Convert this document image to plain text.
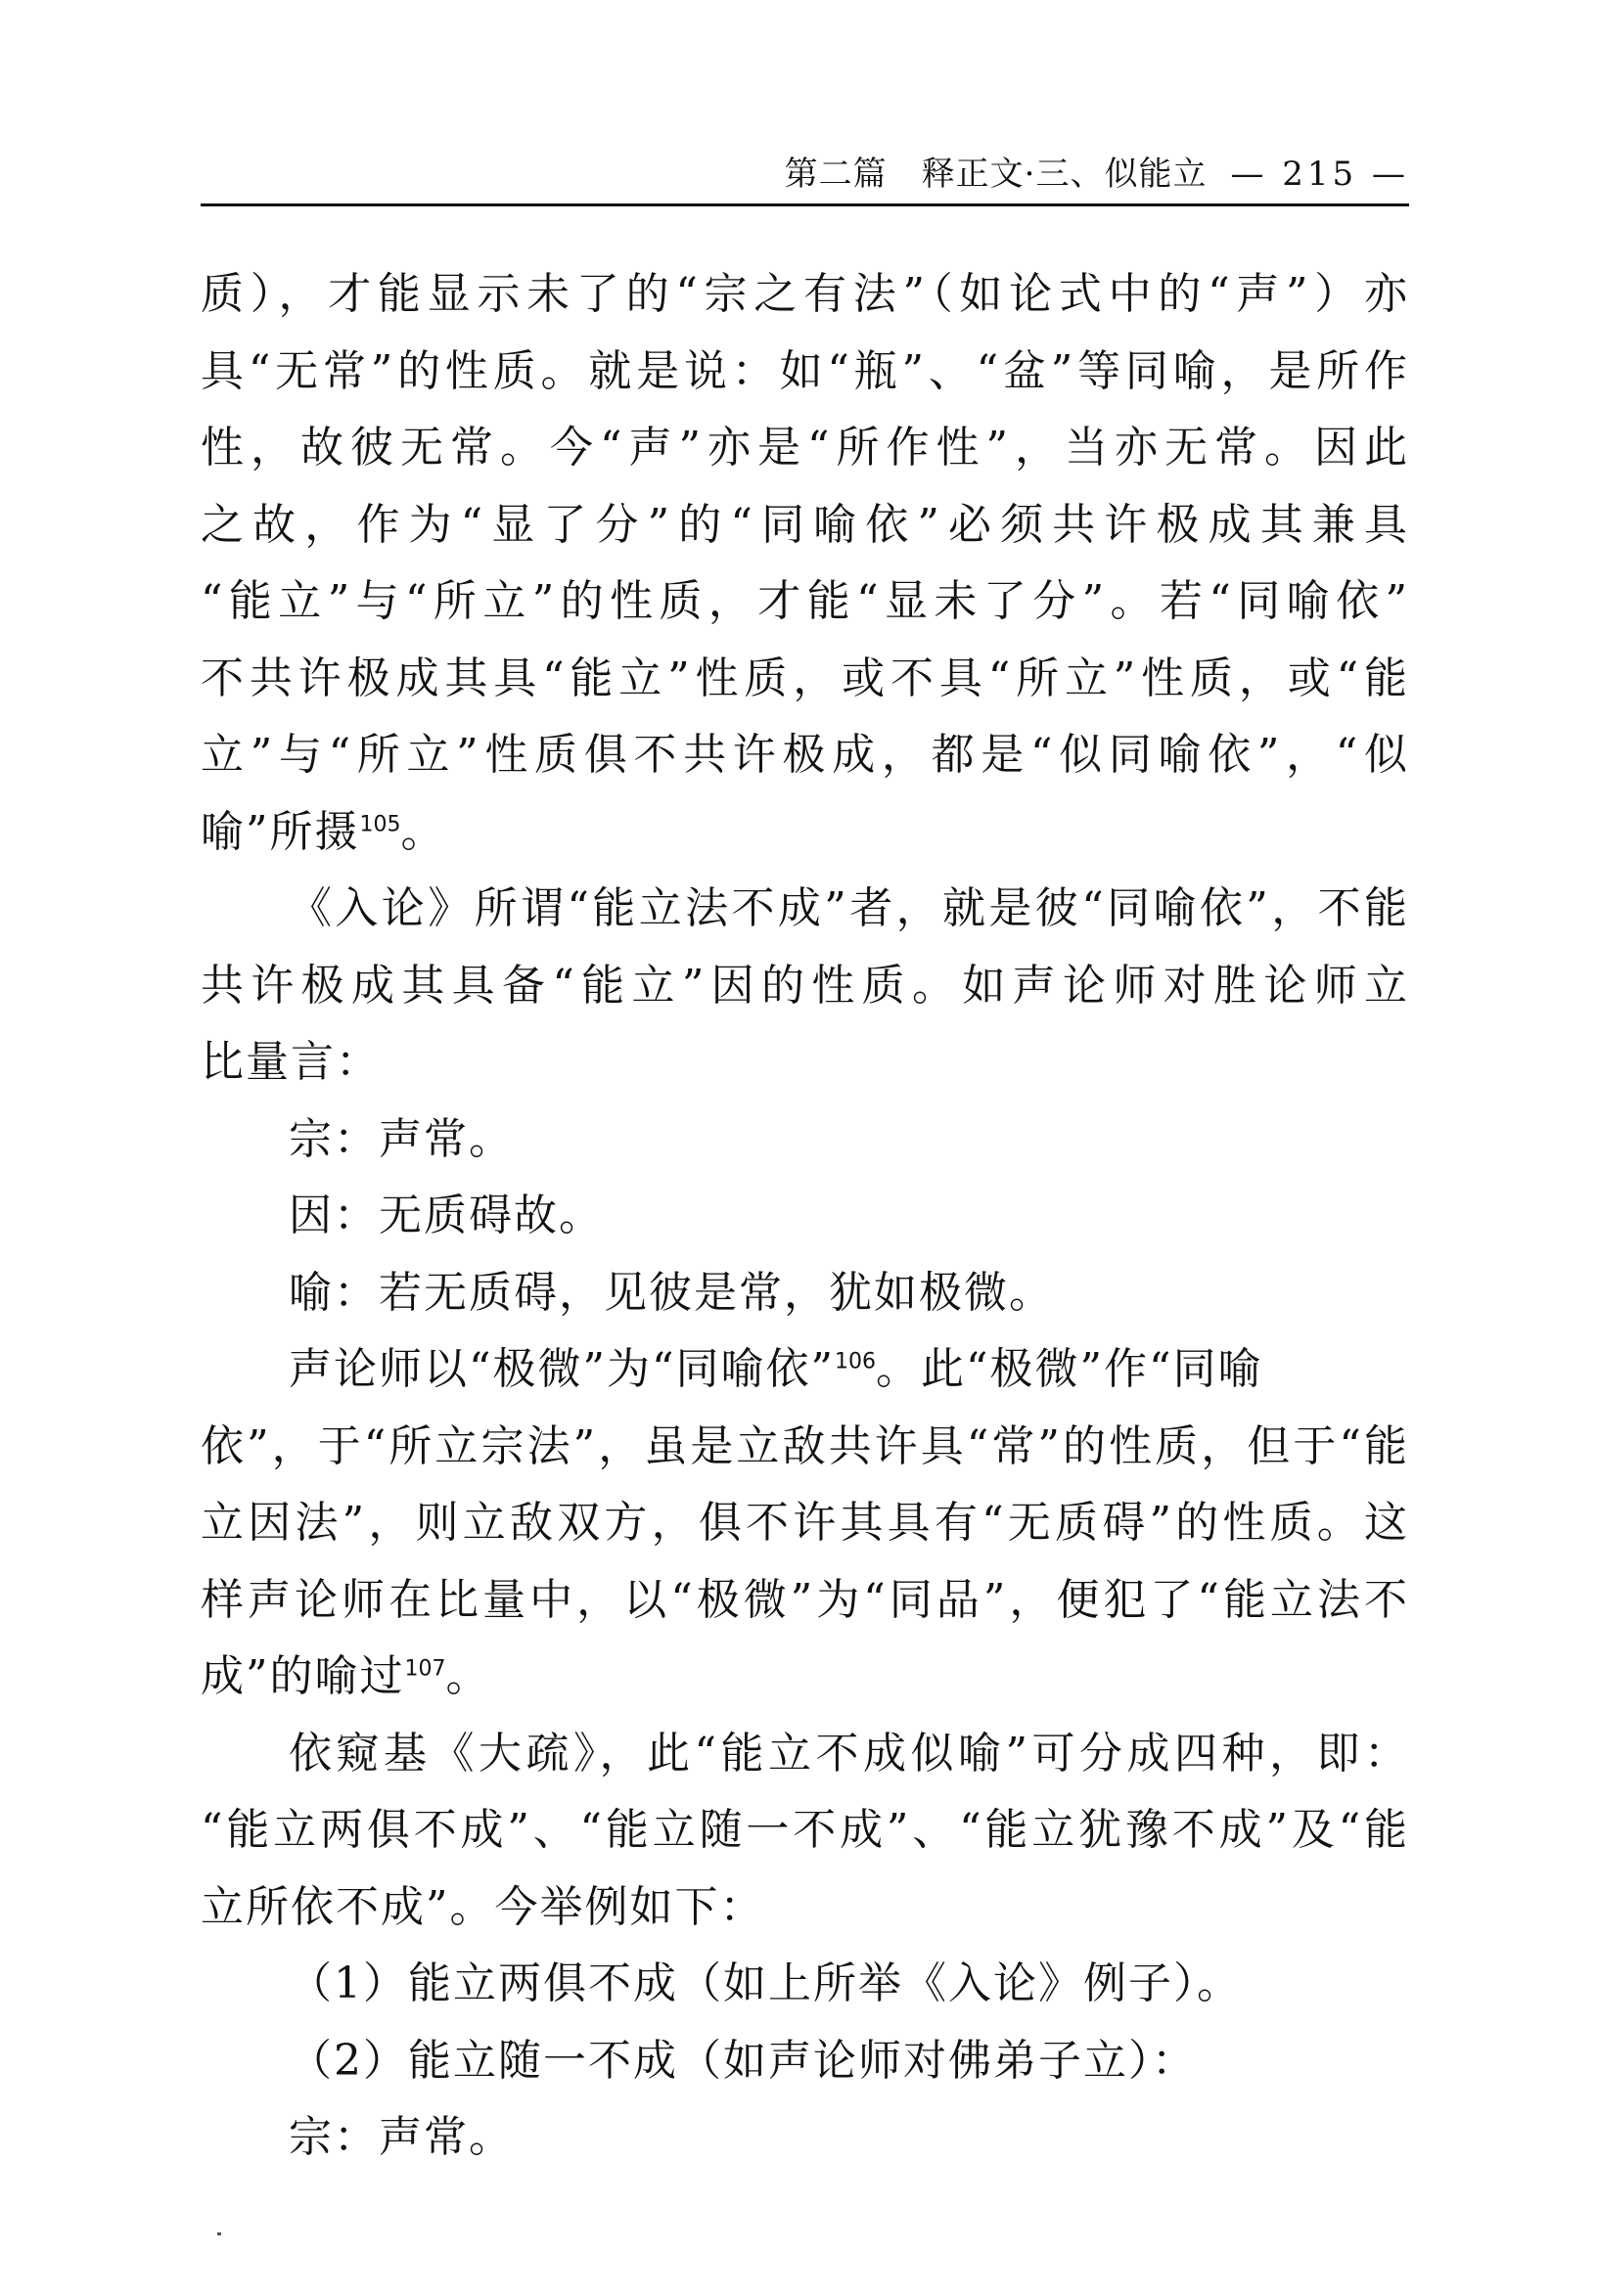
第二篇　释正文·三、似能立 — 215 —
质），才能显示未了的“宗之有法”（如论式中的“声”）亦
具“无常”的性质。就是说：如“瓶”、“盆”等同喻，是所作
性，故彼无常。今“声”亦是“所作性”，当亦无常。因此
之故，作为“显了分”的“同喻依”必须共许极成其兼具
“能立”与“所立”的性质，才能“显未了分”。若“同喻依”
不共许极成其具“能立”性质，或不具“所立”性质，或“能
立”与“所立”性质俱不共许极成，都是“似同喻依”，“似
喻”所摄$^{105}$。
《入论》所谓“能立法不成”者，就是彼“同喻依”，不能
共许极成其具备“能立”因的性质。如声论师对胜论师立
比量言：
宗：声常。
因：无质碍故。
喻：若无质碍，见彼是常，犹如极微。
声论师以“极微”为“同喻依”$^{106}$。此“极微”作“同喻
依”，于“所立宗法”，虽是立敌共许具“常”的性质，但于“能
立因法”，则立敌双方，俱不许其具有“无质碍”的性质。这
样声论师在比量中，以“极微”为“同品”，便犯了“能立法不
成”的喻过$^{107}$。
依窥基《大疏》，此“能立不成似喻”可分成四种，即：
“能立两俱不成”、“能立随一不成”、“能立犹豫不成”及“能
立所依不成”。今举例如下：
（1）能立两俱不成（如上所举《入论》例子）。
（2）能立随一不成（如声论师对佛弟子立）：
宗：声常。
